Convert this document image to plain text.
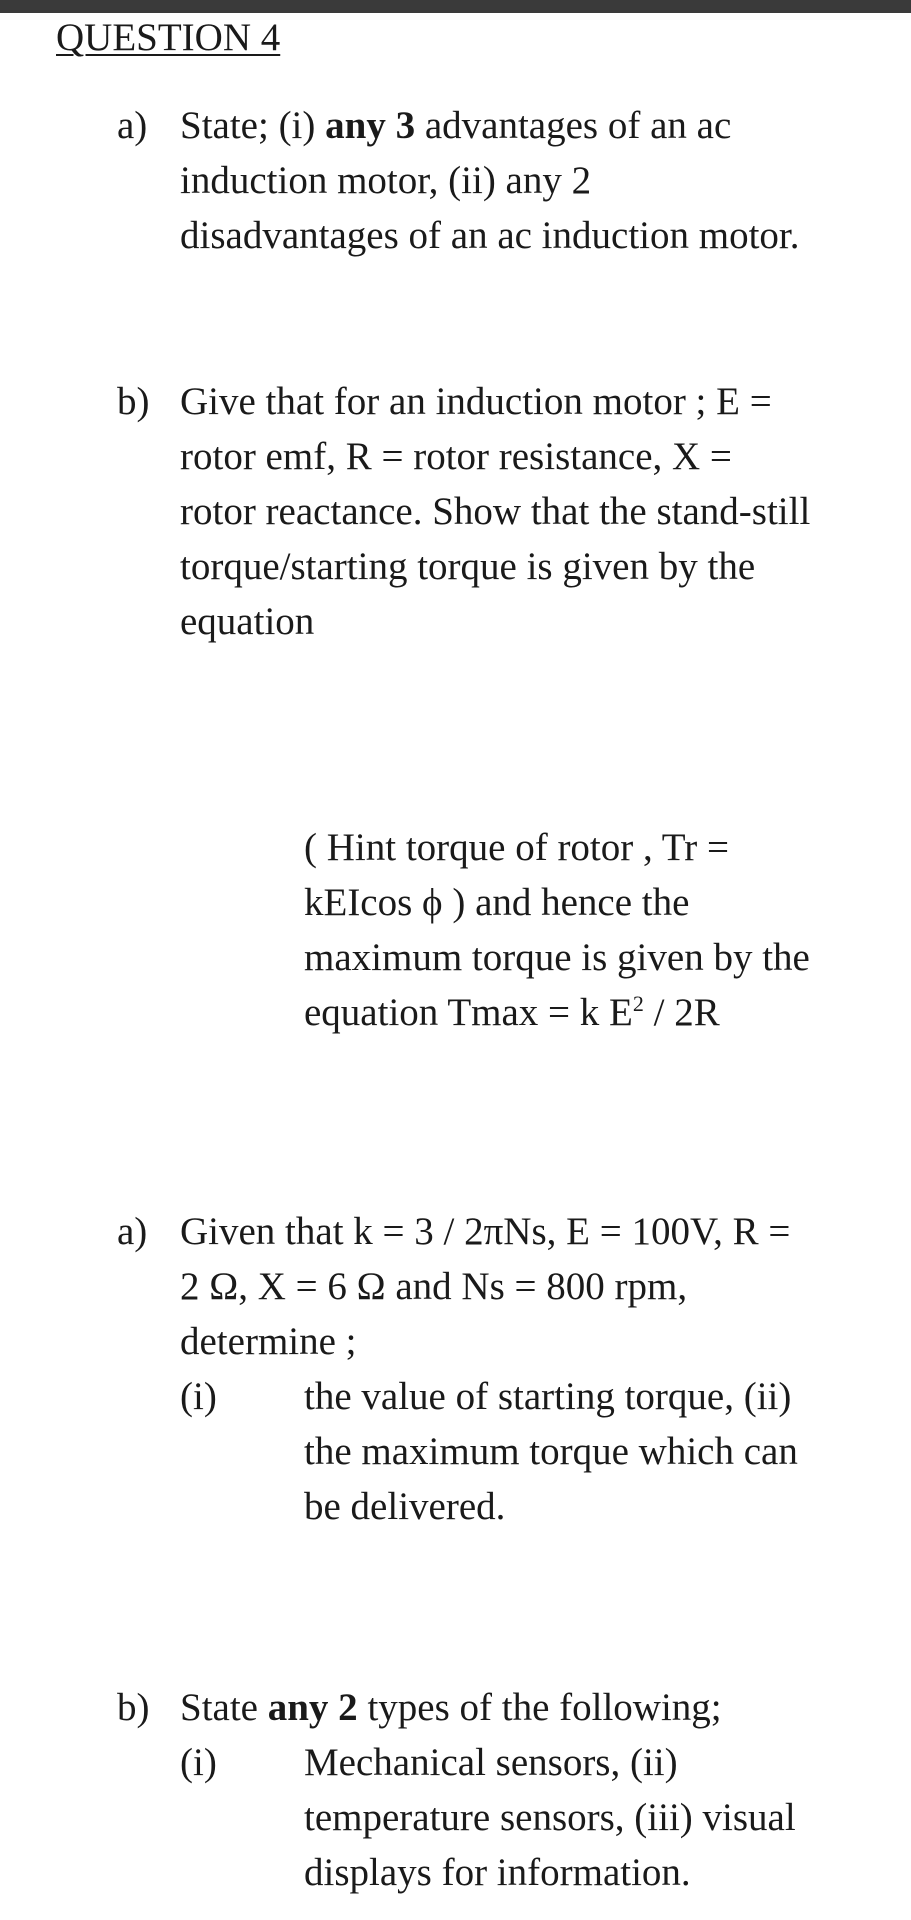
QUESTION 4
a) State; (i) any 3 advantages of an ac
induction motor, (ii) any 2
disadvantages of an ac induction motor.
b) Give that for an induction motor ; E =
rotor emf, R = rotor resistance, X =
rotor reactance. Show that the stand-still
torque/starting torque is given by the
equation
( Hint torque of rotor , Tr =
kEIcos ϕ ) and hence the
maximum torque is given by the
equation Tmax = k $E^2 / 2R$
a) Given that k = 3 / 2πNs, E = 100V, R =
2 Ω, X = 6 Ω and Ns = 800 rpm,
determine ;
(i) the value of starting torque, (ii)
the maximum torque which can
be delivered.
b) State any 2 types of the following;
(i) Mechanical sensors, (ii)
temperature sensors, (iii) visual
displays for information.
